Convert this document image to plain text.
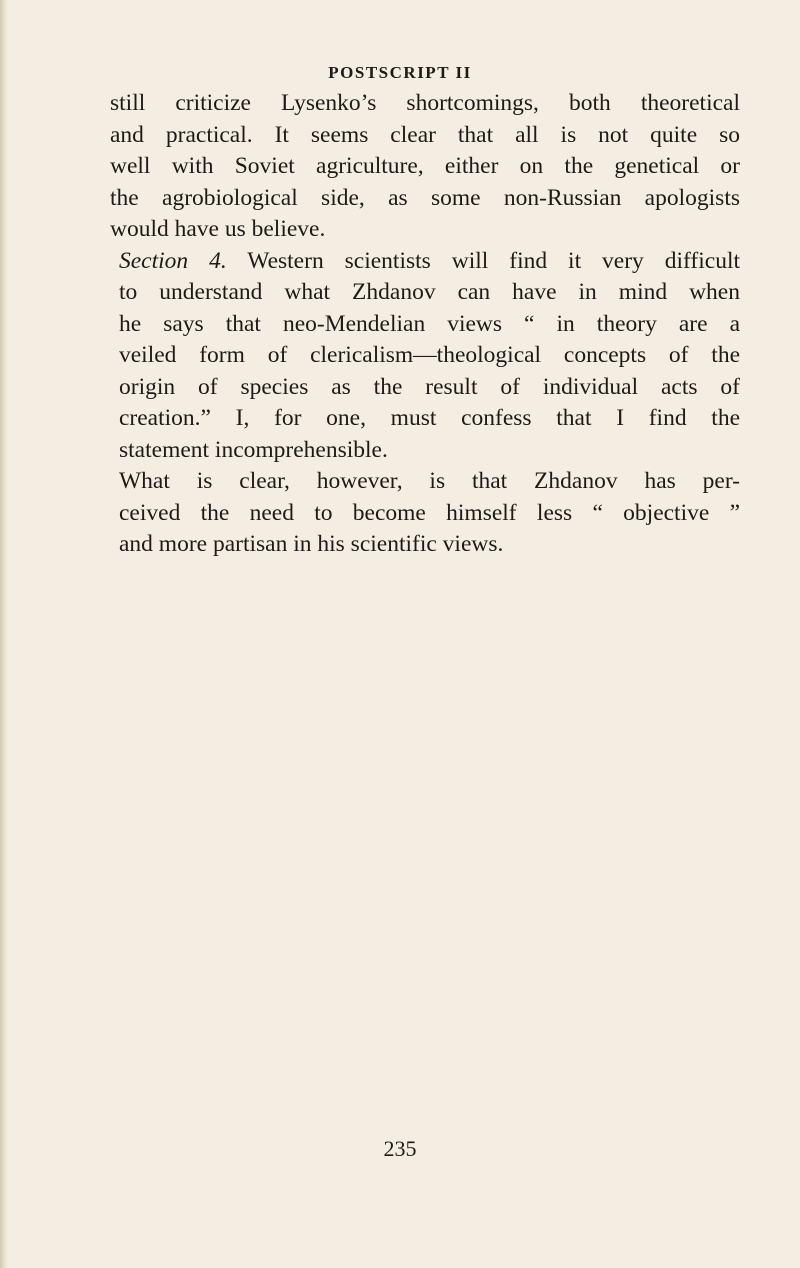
POSTSCRIPT II

still criticize Lysenko’s shortcomings, both theoretical
and practical. It seems clear that all is not quite so
well with Soviet agriculture, either on the genetical or
the agrobiological side, as some non-Russian apologists
would have us believe.

Section 4. Western scientists will find it very difficult
to understand what Zhdanov can have in mind when
he says that neo-Mendelian views “ in theory are a
veiled form of clericalism—theological concepts of the
origin of species as the result of individual acts of
creation.” I, for one, must confess that I find the
statement incomprehensible.

What is clear, however, is that Zhdanov has per-
ceived the need to become himself less “ objective ”
and more partisan in his scientific views.

235
